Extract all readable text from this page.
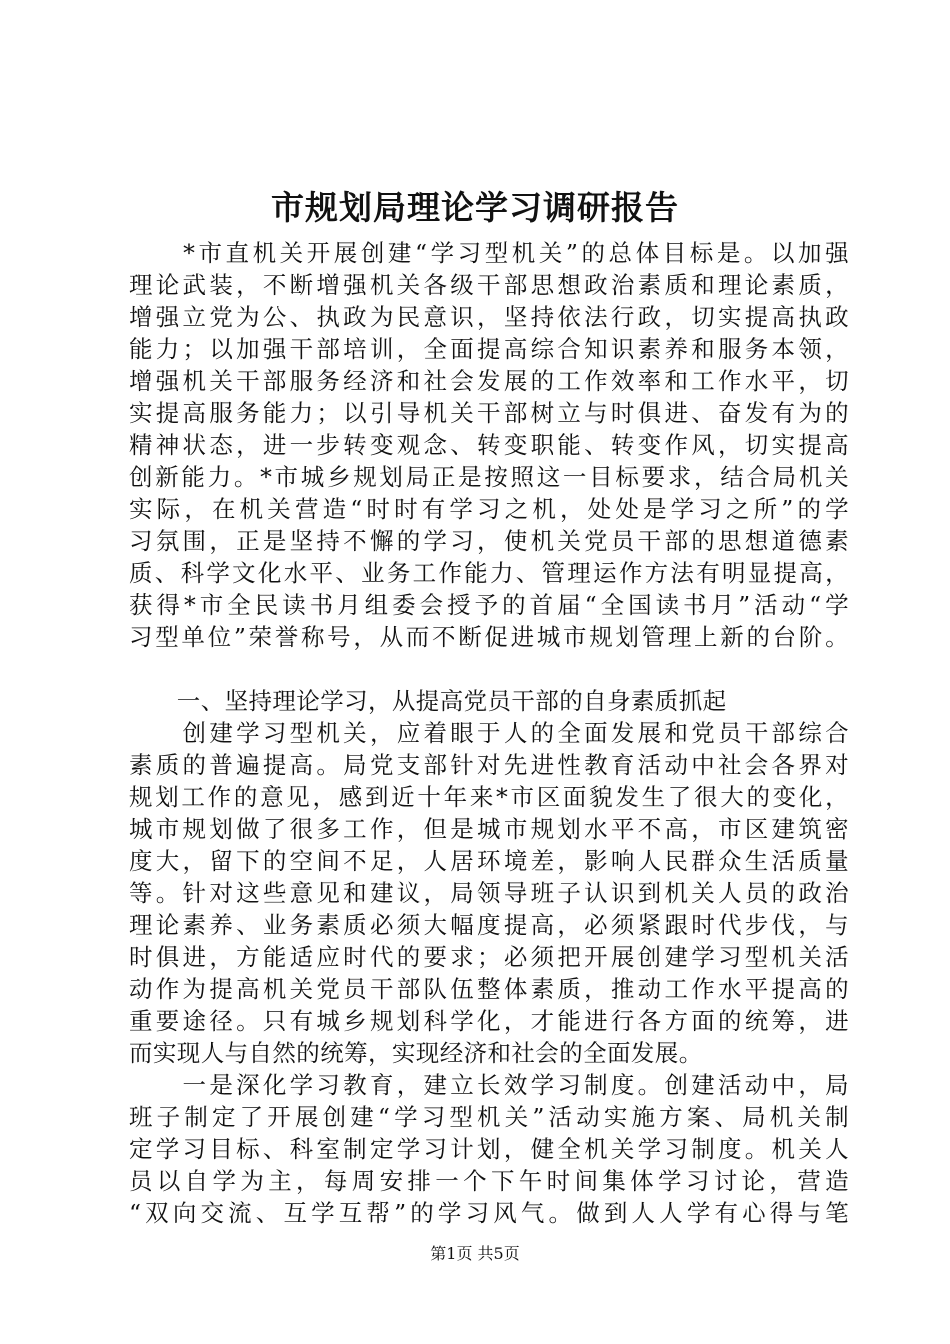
市规划局理论学习调研报告
　　*市直机关开展创建“学习型机关”的总体目标是。以加强
理论武装，不断增强机关各级干部思想政治素质和理论素质，
增强立党为公、执政为民意识，坚持依法行政，切实提高执政
能力；以加强干部培训，全面提高综合知识素养和服务本领，
增强机关干部服务经济和社会发展的工作效率和工作水平，切
实提高服务能力；以引导机关干部树立与时俱进、奋发有为的
精神状态，进一步转变观念、转变职能、转变作风，切实提高
创新能力。*市城乡规划局正是按照这一目标要求，结合局机关
实际，在机关营造“时时有学习之机，处处是学习之所”的学
习氛围，正是坚持不懈的学习，使机关党员干部的思想道德素
质、科学文化水平、业务工作能力、管理运作方法有明显提高，
获得*市全民读书月组委会授予的首届“全国读书月”活动“学
习型单位”荣誉称号，从而不断促进城市规划管理上新的台阶。
　　一、坚持理论学习，从提高党员干部的自身素质抓起
　　创建学习型机关，应着眼于人的全面发展和党员干部综合
素质的普遍提高。局党支部针对先进性教育活动中社会各界对
规划工作的意见，感到近十年来*市区面貌发生了很大的变化，
城市规划做了很多工作，但是城市规划水平不高，市区建筑密
度大，留下的空间不足，人居环境差，影响人民群众生活质量
等。针对这些意见和建议，局领导班子认识到机关人员的政治
理论素养、业务素质必须大幅度提高，必须紧跟时代步伐，与
时俱进，方能适应时代的要求；必须把开展创建学习型机关活
动作为提高机关党员干部队伍整体素质，推动工作水平提高的
重要途径。只有城乡规划科学化，才能进行各方面的统筹，进
而实现人与自然的统筹，实现经济和社会的全面发展。
　　一是深化学习教育，建立长效学习制度。创建活动中，局
班子制定了开展创建“学习型机关”活动实施方案、局机关制
定学习目标、科室制定学习计划，健全机关学习制度。机关人
员以自学为主，每周安排一个下午时间集体学习讨论，营造
“双向交流、互学互帮”的学习风气。做到人人学有心得与笔
第1页 共5页
